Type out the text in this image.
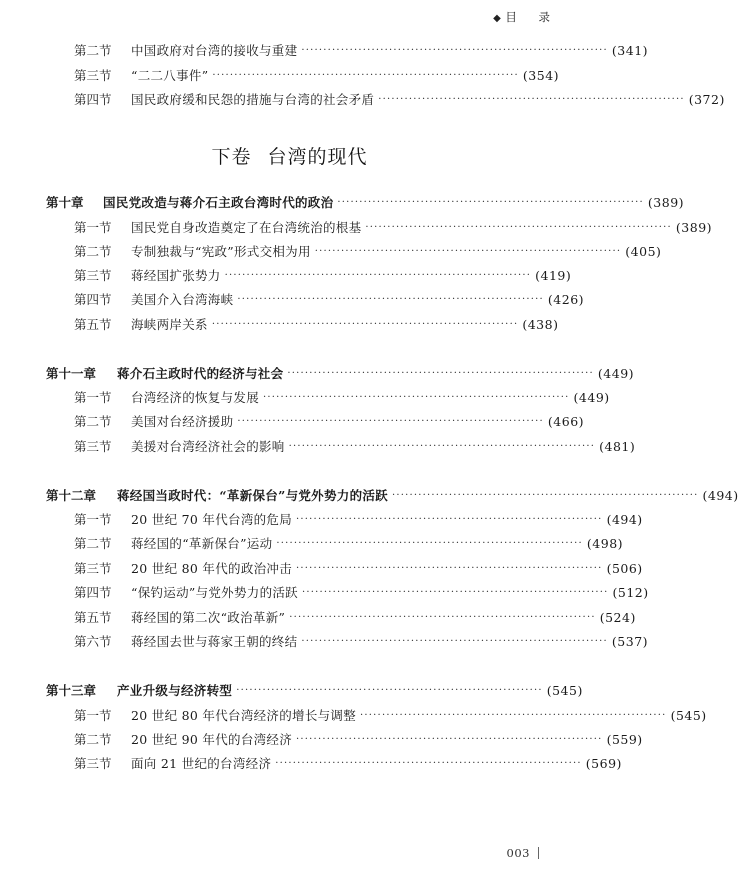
◆ 目 录
第二节	中国政府对台湾的接收与重建 ······································································ (341)
第三节	“二二八事件” ······································································ (354)
第四节	国民政府缓和民怨的措施与台湾的社会矛盾 ······································································ (372)
下卷 台湾的现代
第十章	国民党改造与蒋介石主政台湾时代的政治 ······································································ (389)
第一节	国民党自身改造奠定了在台湾统治的根基 ······································································ (389)
第二节	专制独裁与“宪政”形式交相为用 ······································································ (405)
第三节	蒋经国扩张势力 ······································································ (419)
第四节	美国介入台湾海峡 ······································································ (426)
第五节	海峡两岸关系 ······································································ (438)
第十一章	蒋介石主政时代的经济与社会 ······································································ (449)
第一节	台湾经济的恢复与发展 ······································································ (449)
第二节	美国对台经济援助 ······································································ (466)
第三节	美援对台湾经济社会的影响 ······································································ (481)
第十二章	蒋经国当政时代：“革新保台”与党外势力的活跃 ······································································ (494)
第一节	20 世纪 70 年代台湾的危局 ······································································ (494)
第二节	蒋经国的“革新保台”运动 ······································································ (498)
第三节	20 世纪 80 年代的政治冲击 ······································································ (506)
第四节	“保钓运动”与党外势力的活跃 ······································································ (512)
第五节	蒋经国的第二次“政治革新” ······································································ (524)
第六节	蒋经国去世与蒋家王朝的终结 ······································································ (537)
第十三章	产业升级与经济转型 ······································································ (545)
第一节	20 世纪 80 年代台湾经济的增长与调整 ······································································ (545)
第二节	20 世纪 90 年代的台湾经济 ······································································ (559)
第三节	面向 21 世纪的台湾经济 ······································································ (569)
003
